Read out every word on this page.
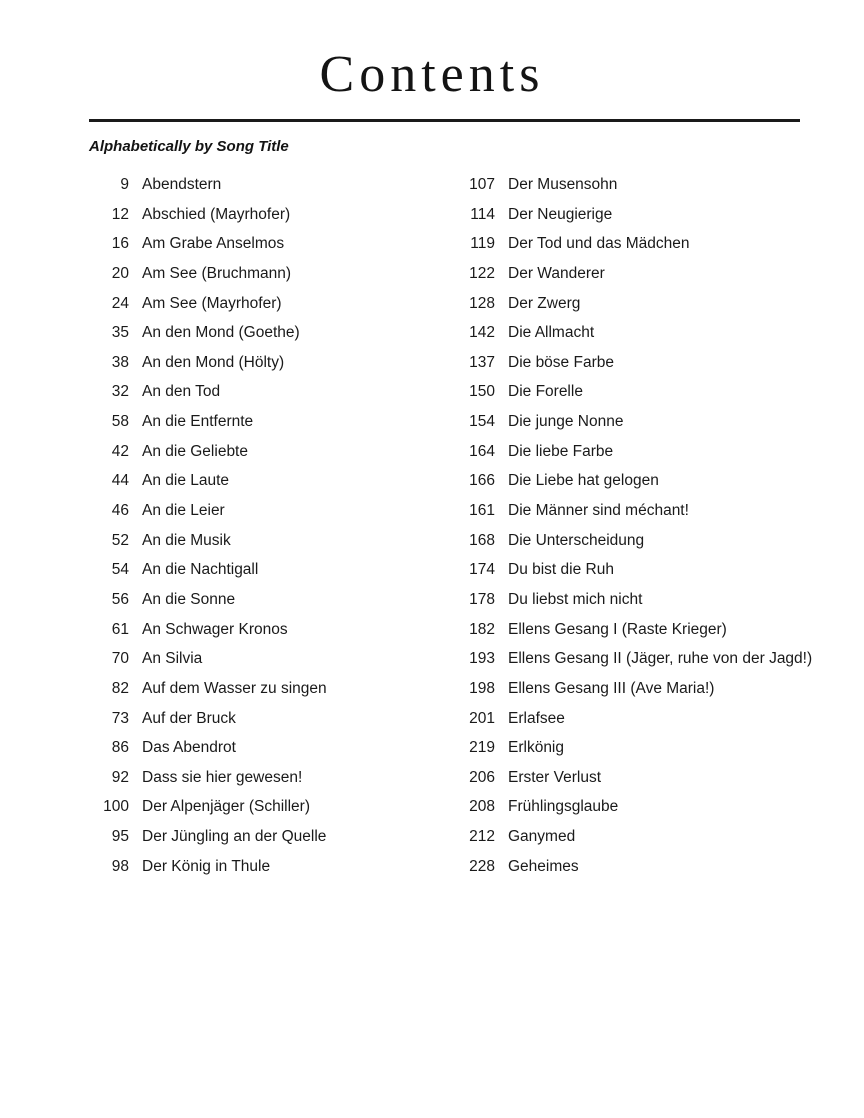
Contents
Alphabetically by Song Title
9 Abendstern
12 Abschied (Mayrhofer)
16 Am Grabe Anselmos
20 Am See (Bruchmann)
24 Am See (Mayrhofer)
35 An den Mond (Goethe)
38 An den Mond (Hölty)
32 An den Tod
58 An die Entfernte
42 An die Geliebte
44 An die Laute
46 An die Leier
52 An die Musik
54 An die Nachtigall
56 An die Sonne
61 An Schwager Kronos
70 An Silvia
82 Auf dem Wasser zu singen
73 Auf der Bruck
86 Das Abendrot
92 Dass sie hier gewesen!
100 Der Alpenjäger (Schiller)
95 Der Jüngling an der Quelle
98 Der König in Thule
107 Der Musensohn
114 Der Neugierige
119 Der Tod und das Mädchen
122 Der Wanderer
128 Der Zwerg
142 Die Allmacht
137 Die böse Farbe
150 Die Forelle
154 Die junge Nonne
164 Die liebe Farbe
166 Die Liebe hat gelogen
161 Die Männer sind méchant!
168 Die Unterscheidung
174 Du bist die Ruh
178 Du liebst mich nicht
182 Ellens Gesang I (Raste Krieger)
193 Ellens Gesang II (Jäger, ruhe von der Jagd!)
198 Ellens Gesang III (Ave Maria!)
201 Erlafsee
219 Erlkönig
206 Erster Verlust
208 Frühlingsglaube
212 Ganymed
228 Geheimes
